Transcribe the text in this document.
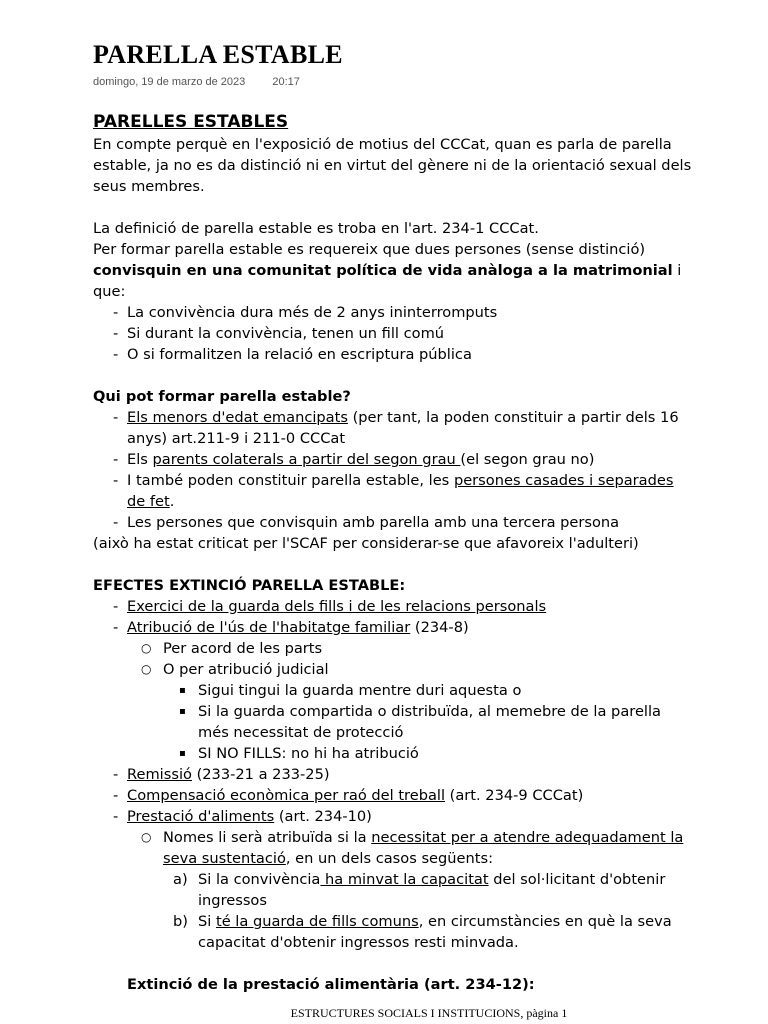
PARELLA ESTABLE
domingo, 19 de marzo de 2023 20:17
PARELLES ESTABLES

En compte perquè en l'exposició de motius del CCCat, quan es parla de parella estable, ja no es da distinció ni en virtut del gènere ni de la orientació sexual dels seus membres.

La definició de parella estable es troba en l'art. 234-1 CCCat.

Per formar parella estable es requereix que dues persones (sense distinció)

convisquin en una comunitat política de vida anàloga a la matrimonial i que:

- La convivència dura més de 2 anys ininterromputs
- Si durant la convivència, tenen un fill comú
- O si formalitzen la relació en escriptura pública
Qui pot formar parella estable?
- Els menors d'edat emancipats (per tant, la poden constituir a partir dels 16 anys) art.211-9 i 211-0 CCCat
- Els parents colaterals a partir del segon grau (el segon grau no)
- I també poden constituir parella estable, les persones casades i separades de fet.
- Les persones que convisquin amb parella amb una tercera persona

(això ha estat criticat per l'SCAF per considerar-se que afavoreix l'adulteri)

EFECTES EXTINCIÓ PARELLA ESTABLE:
- Exercici de la guarda dels fills i de les relacions personals
- Atribució de l'ús de l'habitatge familiar (234-8)
○ Per acord de les parts
○ O per atribució judicial
▪ Sigui tingui la guarda mentre duri aquesta o
▪ Si la guarda compartida o distribuïda, al memebre de la parella més necessitat de protecció
▪ SI NO FILLS: no hi ha atribució
- Remissió (233-21 a 233-25)
- Compensació econòmica per raó del treball (art. 234-9 CCCat)
- Prestació d'aliments (art. 234-10)
○ Nomes li serà atribuïda si la necessitat per a atendre adequadament la seva sustentació, en un dels casos següents:
a) Si la convivència ha minvat la capacitat del sol·licitant d'obtenir ingressos
b) Si té la guarda de fills comuns, en circumstàncies en què la seva capacitat d'obtenir ingressos resti minvada.
Extinció de la prestació alimentària (art. 234-12):
ESTRUCTURES SOCIALS I INSTITUCIONS, pàgina 1
